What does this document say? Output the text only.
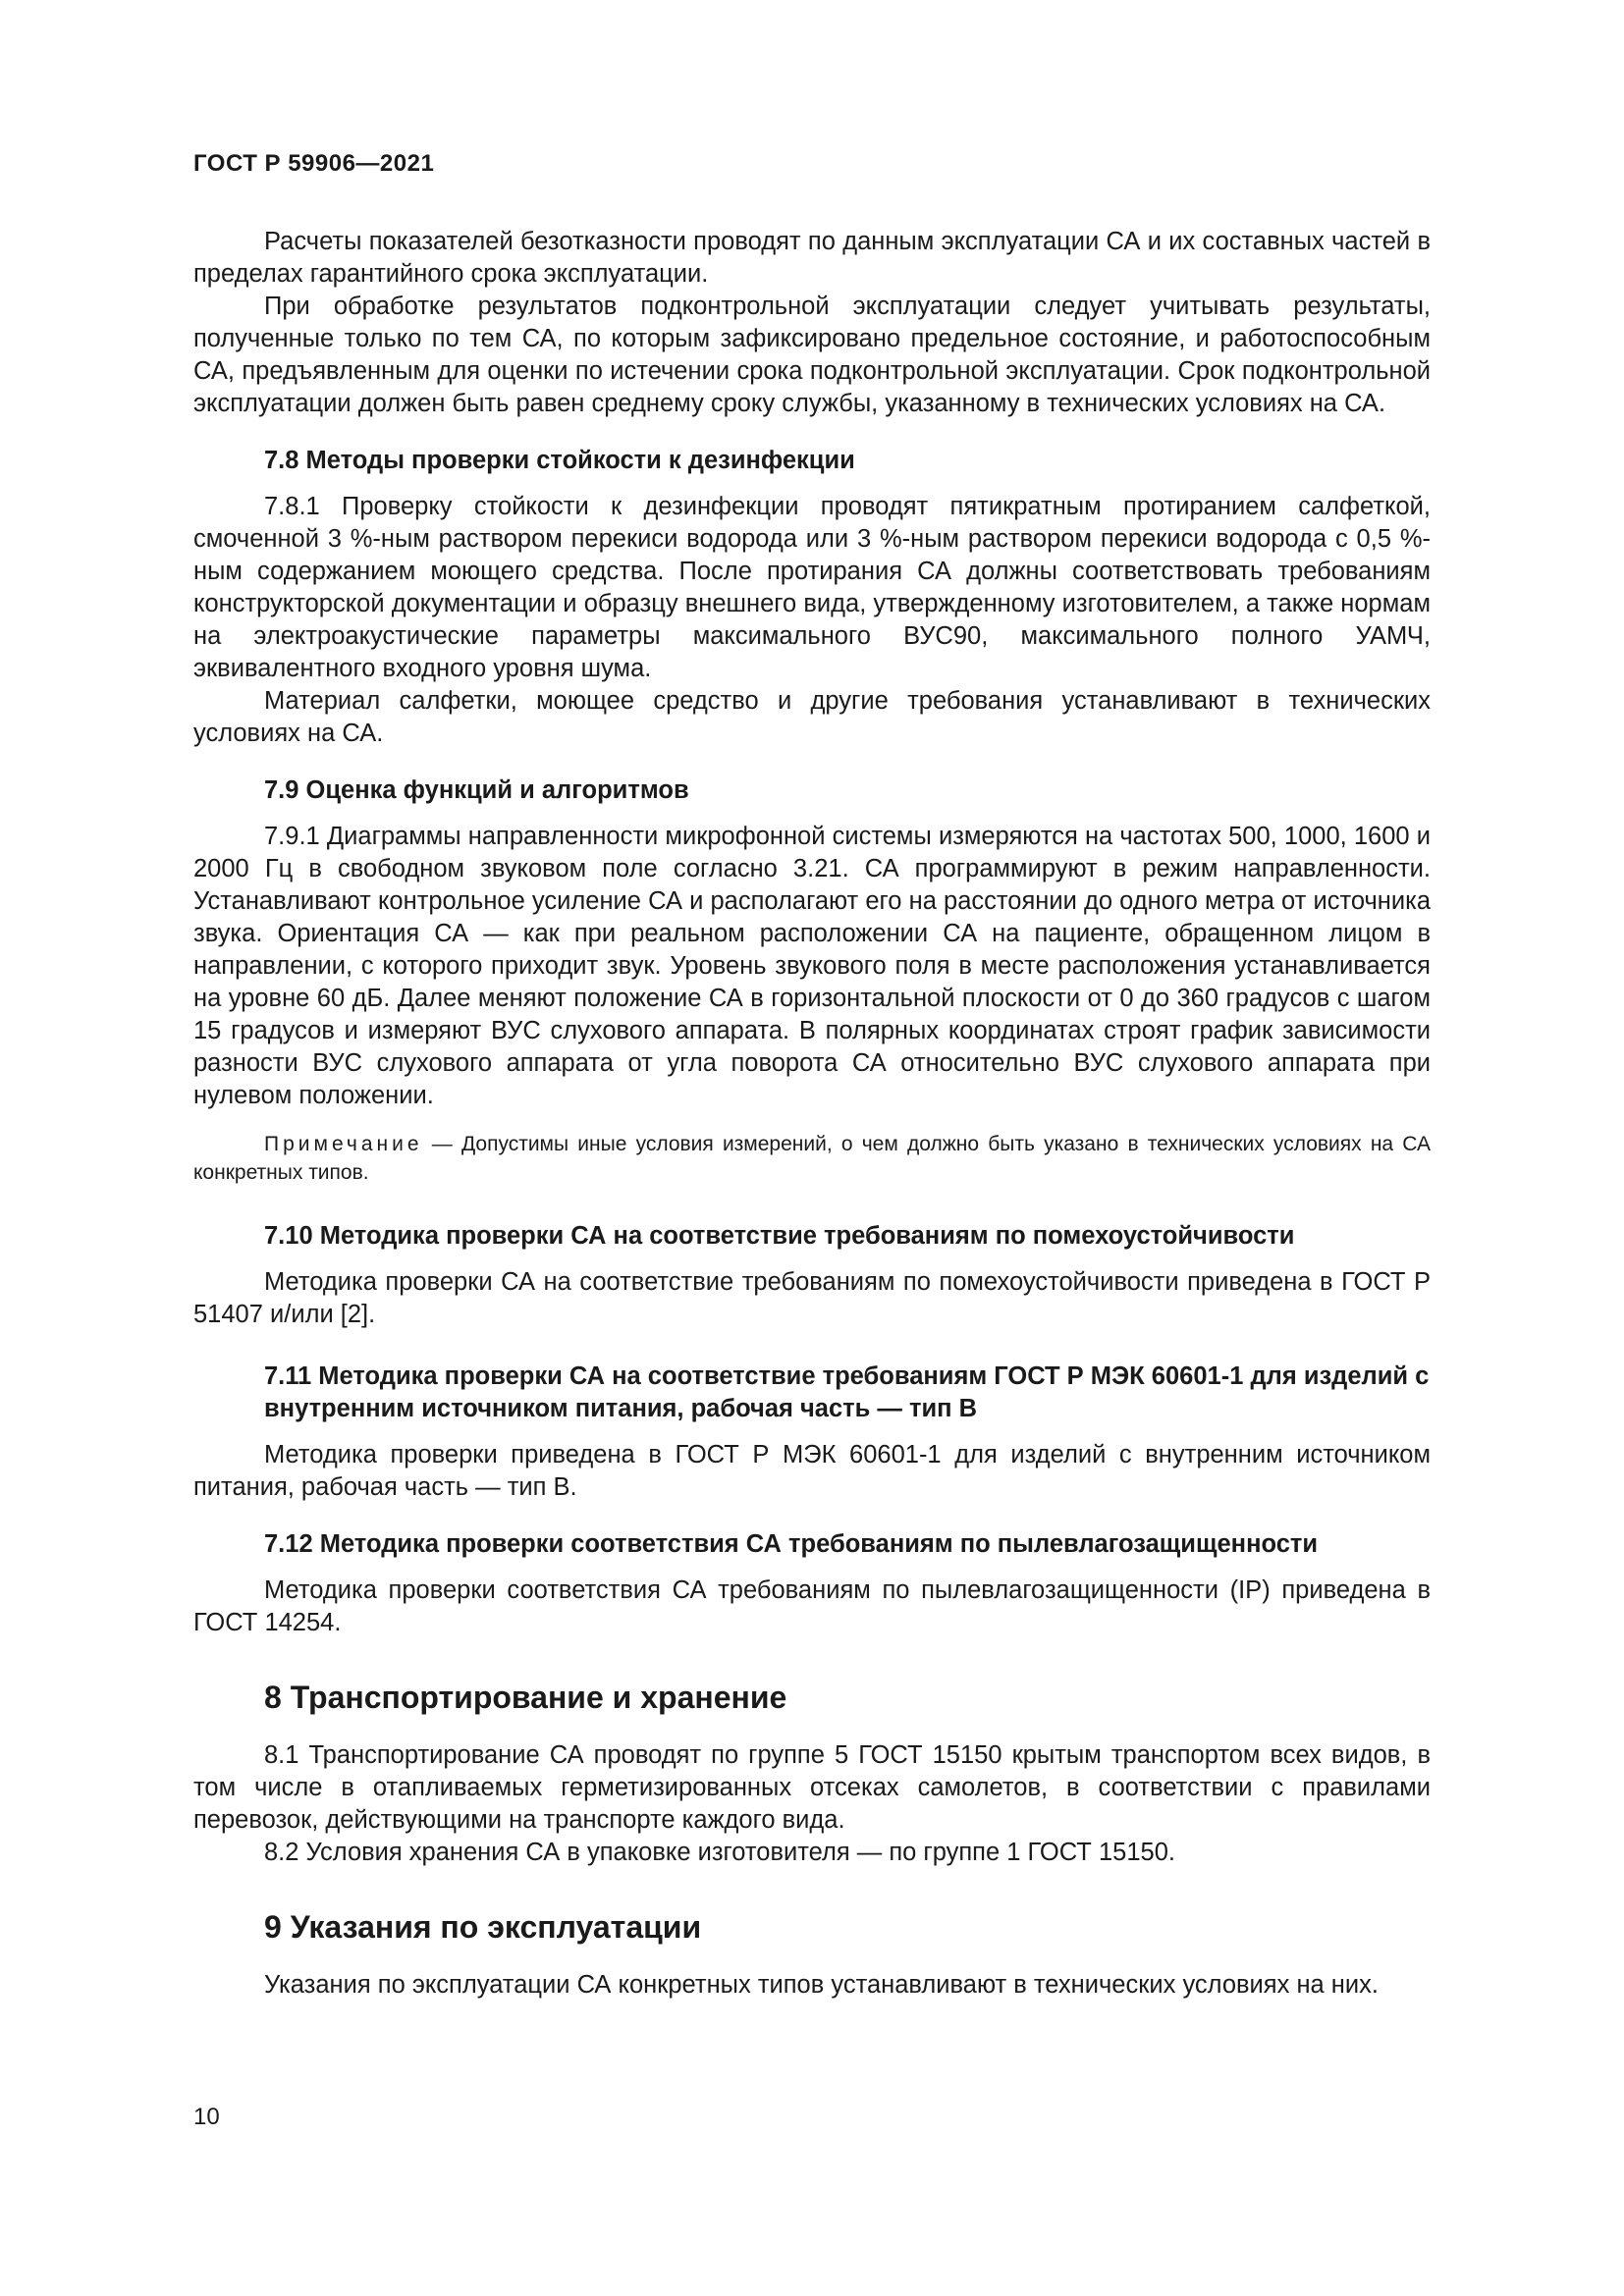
ГОСТ Р 59906—2021

Расчеты показателей безотказности проводят по данным эксплуатации СА и их составных частей в пределах гарантийного срока эксплуатации.

При обработке результатов подконтрольной эксплуатации следует учитывать результаты, полученные только по тем СА, по которым зафиксировано предельное состояние, и работоспособным СА, предъявленным для оценки по истечении срока подконтрольной эксплуатации. Срок подконтрольной эксплуатации должен быть равен среднему сроку службы, указанному в технических условиях на СА.

7.8 Методы проверки стойкости к дезинфекции

7.8.1 Проверку стойкости к дезинфекции проводят пятикратным протиранием салфеткой, смоченной 3 %-ным раствором перекиси водорода или 3 %-ным раствором перекиси водорода с 0,5 %-ным содержанием моющего средства. После протирания СА должны соответствовать требованиям конструкторской документации и образцу внешнего вида, утвержденному изготовителем, а также нормам на электроакустические параметры максимального ВУС90, максимального полного УАМЧ, эквивалентного входного уровня шума.

Материал салфетки, моющее средство и другие требования устанавливают в технических условиях на СА.

7.9 Оценка функций и алгоритмов

7.9.1 Диаграммы направленности микрофонной системы измеряются на частотах 500, 1000, 1600 и 2000 Гц в свободном звуковом поле согласно 3.21. СА программируют в режим направленности. Устанавливают контрольное усиление СА и располагают его на расстоянии до одного метра от источника звука. Ориентация СА — как при реальном расположении СА на пациенте, обращенном лицом в направлении, с которого приходит звук. Уровень звукового поля в месте расположения устанавливается на уровне 60 дБ. Далее меняют положение СА в горизонтальной плоскости от 0 до 360 градусов с шагом 15 градусов и измеряют ВУС слухового аппарата. В полярных координатах строят график зависимости разности ВУС слухового аппарата от угла поворота СА относительно ВУС слухового аппарата при нулевом положении.

Примечание — Допустимы иные условия измерений, о чем должно быть указано в технических условиях на СА конкретных типов.

7.10 Методика проверки СА на соответствие требованиям по помехоустойчивости

Методика проверки СА на соответствие требованиям по помехоустойчивости приведена в ГОСТ Р 51407 и/или [2].

7.11 Методика проверки СА на соответствие требованиям ГОСТ Р МЭК 60601-1 для изделий с внутренним источником питания, рабочая часть — тип В

Методика проверки приведена в ГОСТ Р МЭК 60601-1 для изделий с внутренним источником питания, рабочая часть — тип В.

7.12 Методика проверки соответствия СА требованиям по пылевлагозащищенности

Методика проверки соответствия СА требованиям по пылевлагозащищенности (IP) приведена в ГОСТ 14254.

8 Транспортирование и хранение

8.1 Транспортирование СА проводят по группе 5 ГОСТ 15150 крытым транспортом всех видов, в том числе в отапливаемых герметизированных отсеках самолетов, в соответствии с правилами перевозок, действующими на транспорте каждого вида.

8.2 Условия хранения СА в упаковке изготовителя — по группе 1 ГОСТ 15150.

9 Указания по эксплуатации

Указания по эксплуатации СА конкретных типов устанавливают в технических условиях на них.

10
